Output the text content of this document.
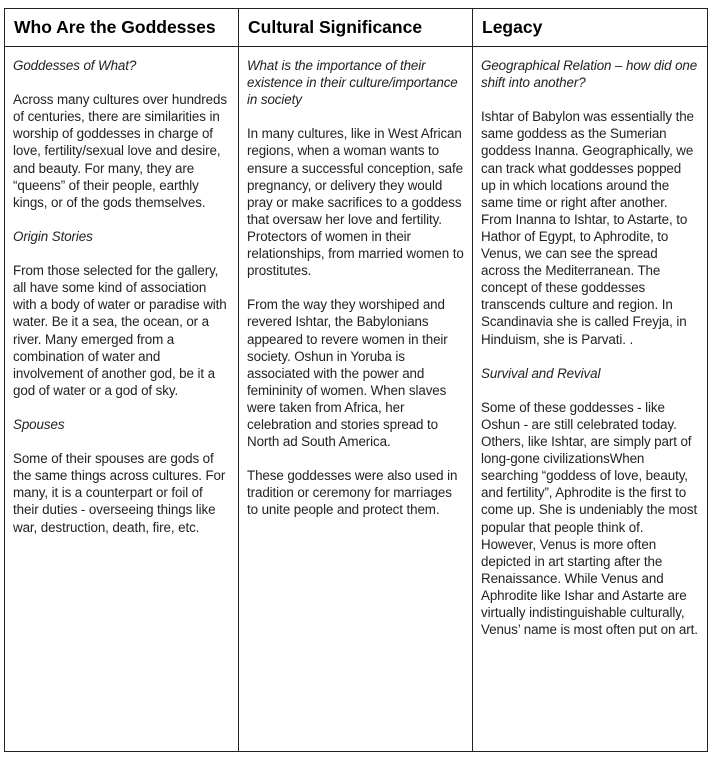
Who Are the Goddesses	Cultural Significance	Legacy

Goddesses of What?

Across many cultures over hundreds of centuries, there are similarities in worship of goddesses in charge of love, fertility/sexual love and desire, and beauty. For many, they are “queens” of their people, earthly kings, or of the gods themselves.

Origin Stories

From those selected for the gallery, all have some kind of association with a body of water or paradise with water. Be it a sea, the ocean, or a river. Many emerged from a combination of water and involvement of another god, be it a god of water or a god of sky.

Spouses

Some of their spouses are gods of the same things across cultures. For many, it is a counterpart or foil of their duties - overseeing things like war, destruction, death, fire, etc.

What is the importance of their existence in their culture/importance in society

In many cultures, like in West African regions, when a woman wants to ensure a successful conception, safe pregnancy, or delivery they would pray or make sacrifices to a goddess that oversaw her love and fertility. Protectors of women in their relationships, from married women to prostitutes.

From the way they worshiped and revered Ishtar, the Babylonians appeared to revere women in their society. Oshun in Yoruba is associated with the power and femininity of women. When slaves were taken from Africa, her celebration and stories spread to North ad South America.

These goddesses were also used in tradition or ceremony for marriages to unite people and protect them.

Geographical Relation – how did one shift into another?

Ishtar of Babylon was essentially the same goddess as the Sumerian goddess Inanna. Geographically, we can track what goddesses popped up in which locations around the same time or right after another. From Inanna to Ishtar, to Astarte, to Hathor of Egypt, to Aphrodite, to Venus, we can see the spread across the Mediterranean. The concept of these goddesses transcends culture and region. In Scandinavia she is called Freyja, in Hinduism, she is Parvati. .

Survival and Revival

Some of these goddesses - like Oshun - are still celebrated today. Others, like Ishtar, are simply part of long-gone civilizationsWhen searching “goddess of love, beauty, and fertility”, Aphrodite is the first to come up. She is undeniably the most popular that people think of. However, Venus is more often depicted in art starting after the Renaissance. While Venus and Aphrodite like Ishar and Astarte are virtually indistinguishable culturally, Venus’ name is most often put on art.
